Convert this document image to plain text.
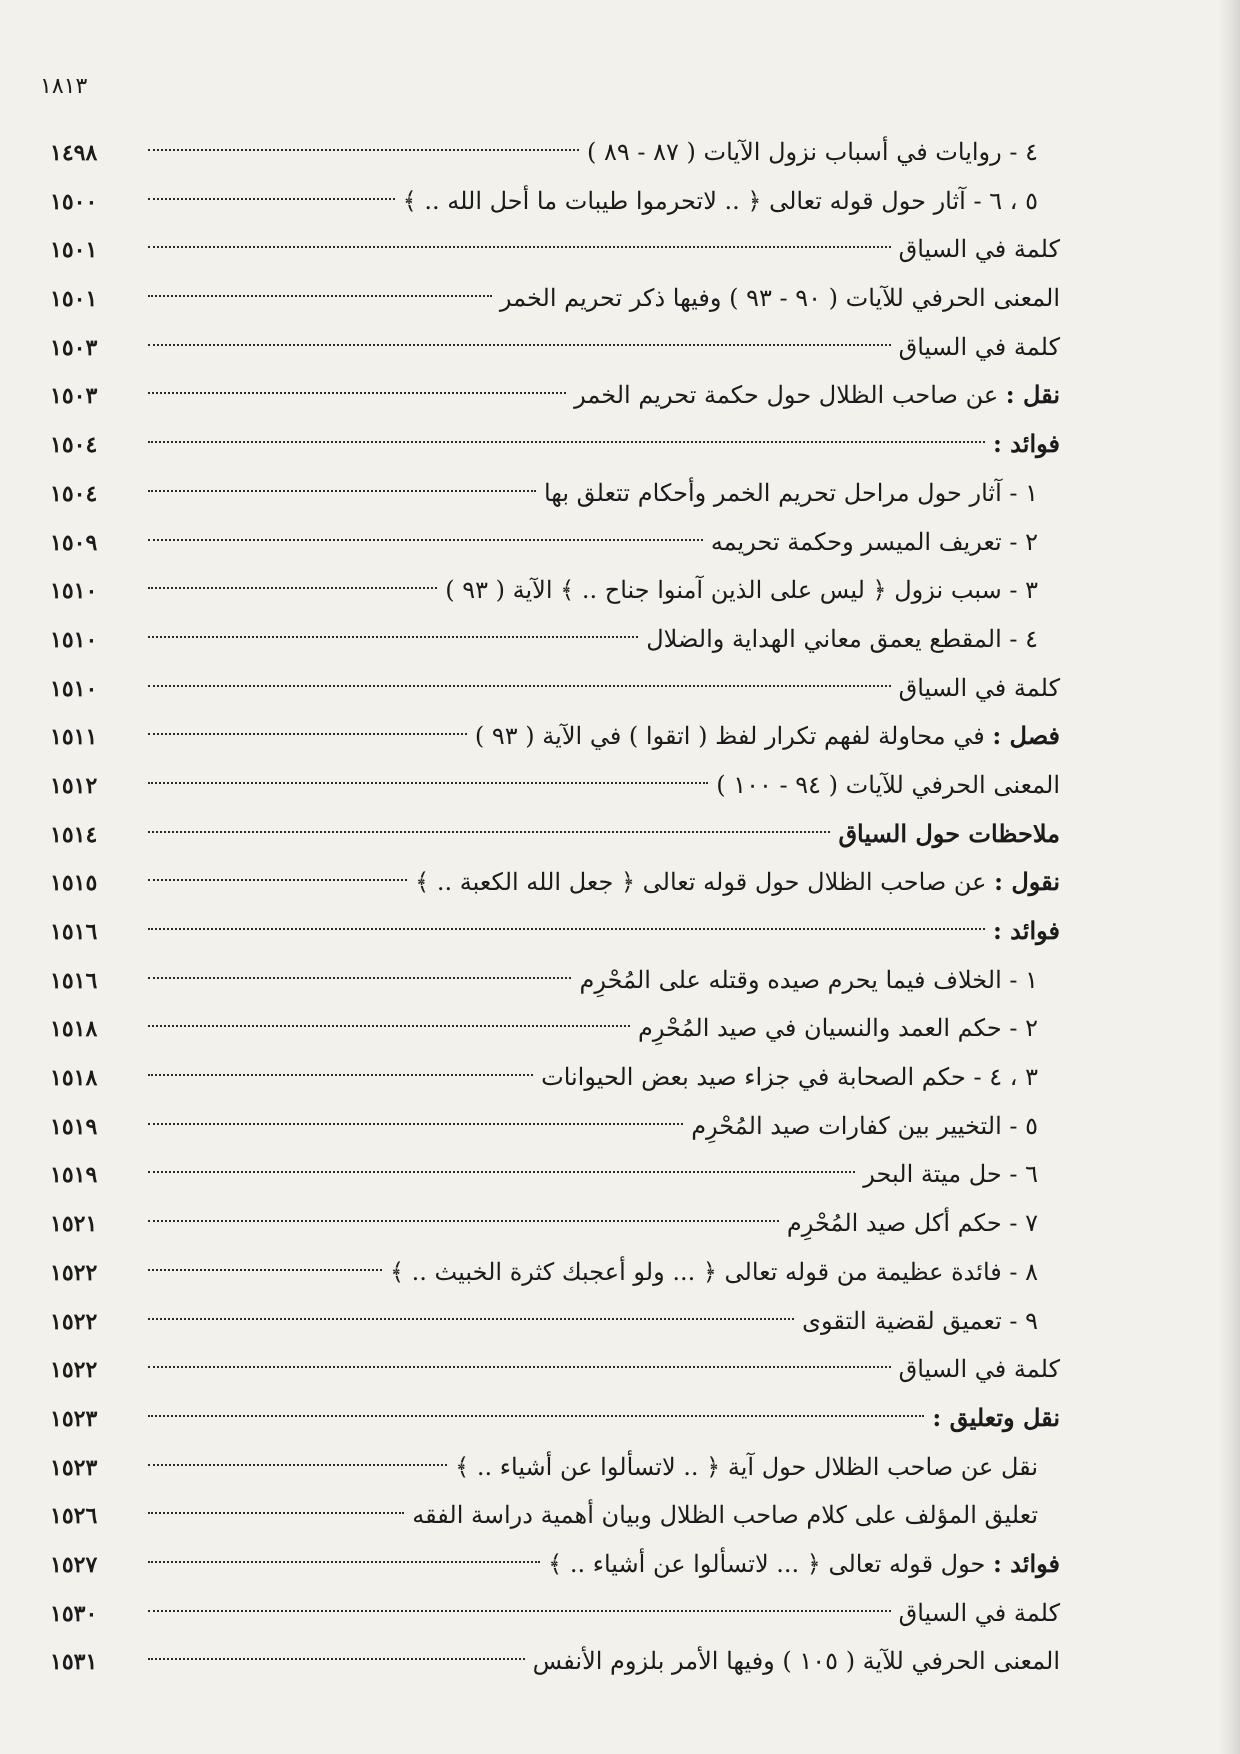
١٨١٣
٤ - روايات في أسباب نزول الآيات ( ٨٧ - ٨٩ )
١٤٩٨
٥ ، ٦ - آثار حول قوله تعالى ﴿ .. لاتحرموا طيبات ما أحل الله .. ﴾
١٥٠٠
كلمة في السياق
١٥٠١
المعنى الحرفي للآيات ( ٩٠ - ٩٣ ) وفيها ذكر تحريم الخمر
١٥٠١
كلمة في السياق
١٥٠٣
نقل : عن صاحب الظلال حول حكمة تحريم الخمر
١٥٠٣
فوائد :
١٥٠٤
١ - آثار حول مراحل تحريم الخمر وأحكام تتعلق بها
١٥٠٤
٢ - تعريف الميسر وحكمة تحريمه
١٥٠٩
٣ - سبب نزول ﴿ ليس على الذين آمنوا جناح .. ﴾ الآية ( ٩٣ )
١٥١٠
٤ - المقطع يعمق معاني الهداية والضلال
١٥١٠
كلمة في السياق
١٥١٠
فصل : في محاولة لفهم تكرار لفظ ( اتقوا ) في الآية ( ٩٣ )
١٥١١
المعنى الحرفي للآيات ( ٩٤ - ١٠٠ )
١٥١٢
ملاحظات حول السياق
١٥١٤
نقول : عن صاحب الظلال حول قوله تعالى ﴿ جعل الله الكعبة .. ﴾
١٥١٥
فوائد :
١٥١٦
١ - الخلاف فيما يحرم صيده وقتله على المُحْرِم
١٥١٦
٢ - حكم العمد والنسيان في صيد المُحْرِم
١٥١٨
٣ ، ٤ - حكم الصحابة في جزاء صيد بعض الحيوانات
١٥١٨
٥ - التخيير بين كفارات صيد المُحْرِم
١٥١٩
٦ - حل ميتة البحر
١٥١٩
٧ - حكم أكل صيد المُحْرِم
١٥٢١
٨ - فائدة عظيمة من قوله تعالى ﴿ ... ولو أعجبك كثرة الخبيث .. ﴾
١٥٢٢
٩ - تعميق لقضية التقوى
١٥٢٢
كلمة في السياق
١٥٢٢
نقل وتعليق :
١٥٢٣
نقل عن صاحب الظلال حول آية ﴿ .. لاتسألوا عن أشياء .. ﴾
١٥٢٣
تعليق المؤلف على كلام صاحب الظلال وبيان أهمية دراسة الفقه
١٥٢٦
فوائد : حول قوله تعالى ﴿ ... لاتسألوا عن أشياء .. ﴾
١٥٢٧
كلمة في السياق
١٥٣٠
المعنى الحرفي للآية ( ١٠٥ ) وفيها الأمر بلزوم الأنفس
١٥٣١
